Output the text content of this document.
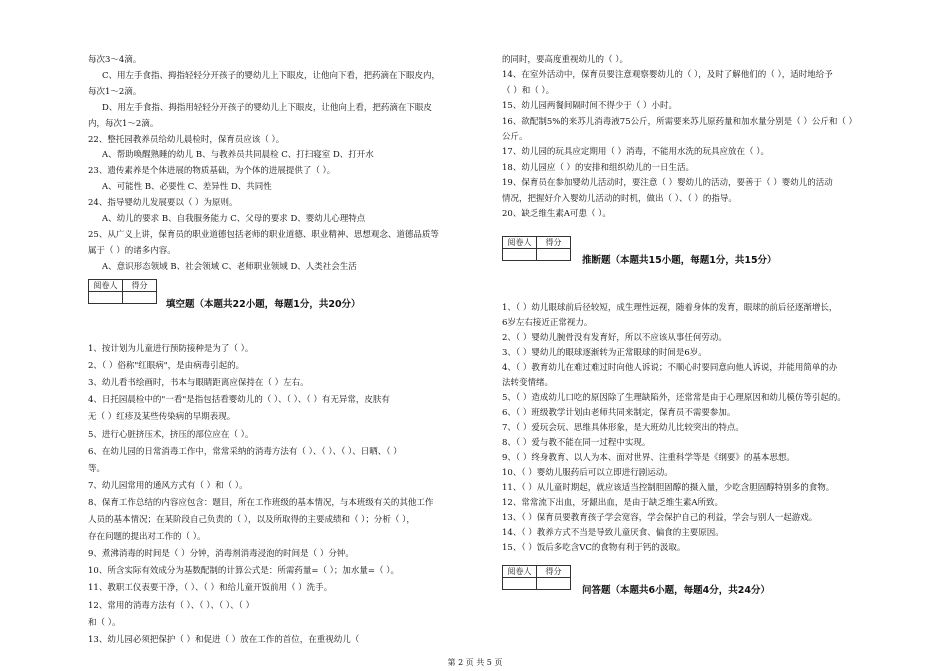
每次3～4滴。
C、用左手食指、拇指轻轻分开孩子的婴幼儿上下眼皮，让他向下看，把药滴在下眼皮内，
每次1～2滴。
D、用左手食指、拇指用轻轻分开孩子的婴幼儿上下眼皮，让他向上看，把药滴在下眼皮
内，每次1～2滴。
22、整托园教养员给幼儿晨检时，保育员应该（ ）。
A、帮助唤醒熟睡的幼儿 B、与教养员共同晨检 C、打扫寝室 D、打开水
23、遗传素养是个体进展的物质基础，为个体的进展提供了（ ）。
A、可能性 B、必要性 C、差异性 D、共同性
24、指导婴幼儿发展要以（ ）为原则。
A、幼儿的要求 B、自我服务能力 C、父母的要求 D、婴幼儿心理特点
25、从广义上讲，保育员的职业道德包括老师的职业道德、职业精神、思想观念、道德品质等
属于（ ）的诸多内容。
A、意识形态领域 B、社会领域 C、老师职业领域 D、人类社会生活
阅卷人	得分

填空题（本题共22小题，每题1分，共20分）
1、按计划为儿童进行预防接种是为了（ ）。
2、（ ）俗称"红眼病"，是由病毒引起的。
3、幼儿看书绘画时，书本与眼睛距离应保持在（ ）左右。
4、日托园晨检中的"一看"是指包括看婴幼儿的（ ）、（ ）、（ ）有无异常，皮肤有
无（ ）红疹及某些传染病的早期表现。
5、进行心脏挤压术，挤压的部位应在（ ）。
6、在幼儿园的日常消毒工作中，常常采纳的消毒方法有（ ）、（ ）、（ ）、日晒、（ ）
等。
7、幼儿园常用的通风方式有（ ）和（ ）。
8、保育工作总结的内容应包含：题目，所在工作班级的基本情况，与本班级有关的其他工作
人员的基本情况；在某阶段自己负责的（ ），以及所取得的主要成绩和（ ）；分析（ ），
存在问题的提出对工作的（ ）。
9、煮沸消毒的时间是（ ）分钟，消毒剂消毒浸泡的时间是（ ）分钟。
10、所含实际有效成分为基数配制的计算公式是：所需药量=（ ）；加水量=（ ）。
11、教职工仪表要干净，（ ）、（ ）和给儿童开饭前用（ ）洗手。
12、常用的消毒方法有（ ）、（ ）、（ ）、（ ）
和（ ）。
13、幼儿园必须把保护（ ）和促进（ ）放在工作的首位，在重视幼儿（
的同时，要高度重视幼儿的（ ）。
14、在室外活动中，保育员要注意观察婴幼儿的（ ），及时了解他们的（ ），适时地给予
（ ）和（ ）。
15、幼儿园两餐间隔时间不得少于（ ）小时。
16、欲配制5%的来苏儿消毒液75公斤，所需要来苏儿原药量和加水量分别是（ ）公斤和（ ）
公斤。
17、幼儿园的玩具应定期用（ ）消毒，不能用水洗的玩具应放在（ ）。
18、幼儿园应（ ）的安排和组织幼儿的一日生活。
19、保育员在参加婴幼儿活动时，要注意（ ）婴幼儿的活动，要善于（ ）婴幼儿的活动
情况，把握好介入婴幼儿活动的时机，做出（ ）、（ ）的指导。
20、缺乏维生素A可患（ ）。
阅卷人	得分

推断题（本题共15小题，每题1分，共15分）
1、（ ）幼儿眼球前后径较短，成生理性远视，随着身体的发育，眼球的前后径逐渐增长，
6岁左右接近正常视力。
2、（ ）婴幼儿腕骨没有发育好，所以不应该从事任何劳动。
3、（ ）婴幼儿的眼球逐渐转为正常眼球的时间是6岁。
4、（ ）教育幼儿在难过难过时向他人诉说；不顺心时要同意向他人诉说，并能用简单的办
法转变情绪。
5、（ ）造成幼儿口吃的原因除了生理缺陷外，还常常是由于心理原因和幼儿模仿等引起的。
6、（ ）班级教学计划由老师共同来制定，保育员不需要参加。
7、（ ）爱玩会玩、思维具体形象，是大班幼儿比较突出的特点。
8、（ ）爱与教不能在同一过程中实现。
9、（ ）终身教育、以人为本、面对世界、注重科学等是《纲要》的基本思想。
10、（ ）婴幼儿服药后可以立即进行剧运动。
11、（ ）从儿童时期起，就应该适当控制胆固醇的摄入量，少吃含胆固醇特别多的食物。
12、常常流下出血，牙龈出血，是由于缺乏维生素A所致。
13、（ ）保育员要教育孩子学会宽容，学会保护自己的利益，学会与别人一起游戏。
14、（ ）教养方式不当是导致儿童厌食、偏食的主要原因。
15、（ ）饭后多吃含VC的食物有利于钙的汲取。
阅卷人	得分

问答题（本题共6小题，每题4分，共24分）
第 2 页 共 5 页
